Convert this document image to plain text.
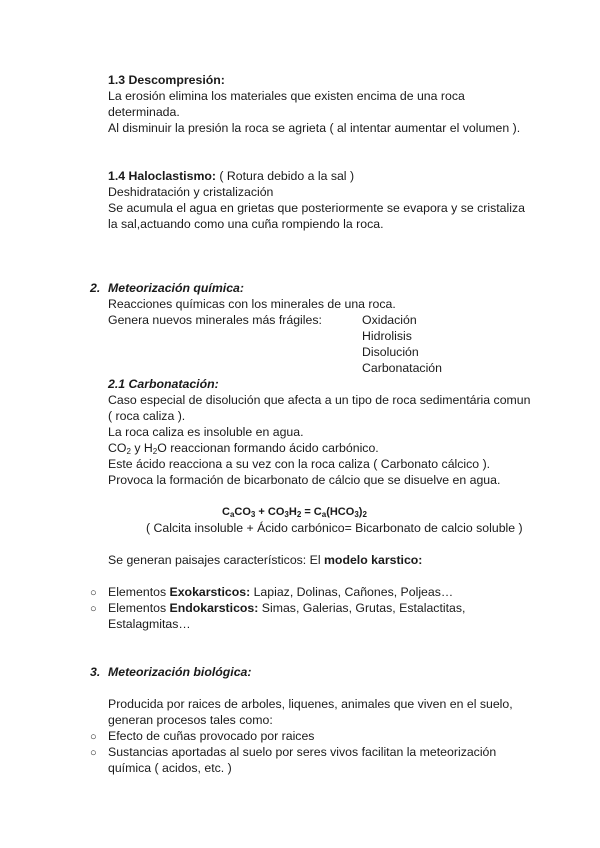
1.3 Descompresión:
La erosión elimina los materiales que existen encima de una roca
determinada.
Al disminuir la presión la roca se agrieta ( al intentar aumentar el volumen ).
1.4 Haloclastismo: ( Rotura debido a la sal )
Deshidratación y cristalización
Se acumula el agua en grietas que posteriormente se evapora y se cristaliza
la sal,actuando como una cuña rompiendo la roca.
2. Meteorización química:
Reacciones químicas con los minerales de una roca.
Genera nuevos minerales más frágiles:	Oxidación
Hidrolisis
Disolución
Carbonatación
2.1 Carbonatación:
Caso especial de disolución que afecta a un tipo de roca sedimentária comun
( roca caliza ).
La roca caliza es insoluble en agua.
$CO_2$ y $H_2O$ reaccionan formando ácido carbónico.
Este ácido reacciona a su vez con la roca caliza ( Carbonato cálcico ).
Provoca la formación de bicarbonato de cálcio que se disuelve en agua.
$C_aCO_3 + CO_3H_2 = C_a(HCO_3)_2$
( Calcita insoluble + Ácido carbónico= Bicarbonato de calcio soluble )
Se generan paisajes característicos: El modelo karstico:
○ Elementos Exokarsticos: Lapiaz, Dolinas, Cañones, Poljeas…
○ Elementos Endokarsticos: Simas, Galerias, Grutas, Estalactitas,
Estalagmitas…
3. Meteorización biológica:
Producida por raices de arboles, liquenes, animales que viven en el suelo,
generan procesos tales como:
○ Efecto de cuñas provocado por raices
○ Sustancias aportadas al suelo por seres vivos facilitan la meteorización
química ( acidos, etc. )
